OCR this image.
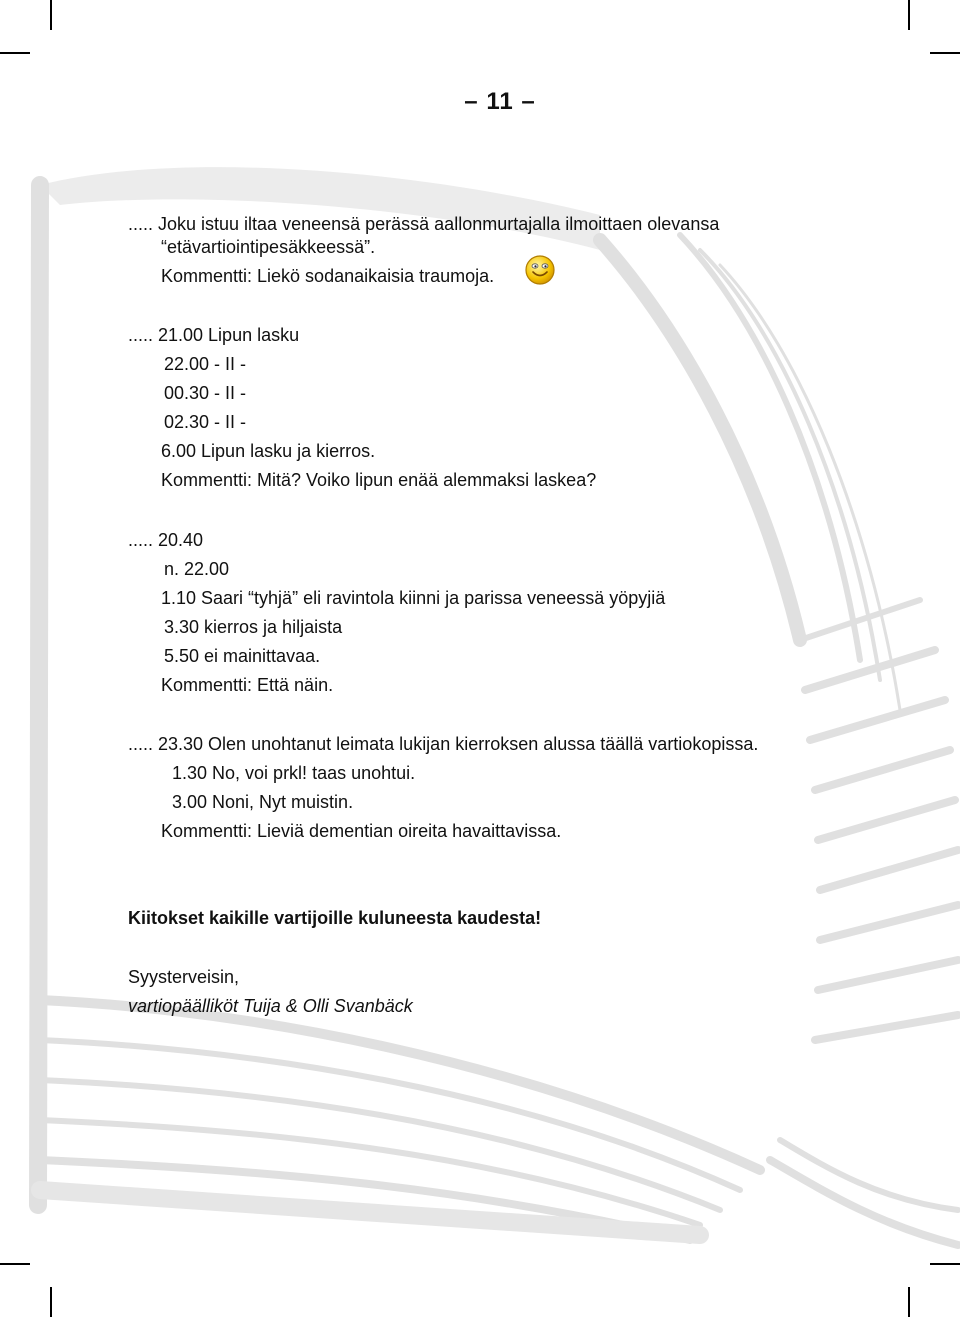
– 11 –
..... Joku istuu iltaa veneensä perässä aallonmurtajalla ilmoittaen olevansa
“etävartiointipesäkkeessä”.
Kommentti: Liekö sodanaikaisia traumoja.
..... 21.00 Lipun lasku
22.00 - II -
00.30 - II -
02.30 - II -
6.00 Lipun lasku ja kierros.
Kommentti: Mitä? Voiko lipun enää alemmaksi laskea?
..... 20.40
n. 22.00
1.10 Saari “tyhjä” eli ravintola kiinni ja parissa veneessä yöpyjiä
3.30 kierros ja hiljaista
5.50 ei mainittavaa.
Kommentti: Että näin.
..... 23.30 Olen unohtanut leimata lukijan kierroksen alussa täällä vartiokopissa.
1.30 No, voi prkl! taas unohtui.
3.00 Noni, Nyt muistin.
Kommentti: Lieviä dementian oireita havaittavissa.
Kiitokset kaikille vartijoille kuluneesta kaudesta!
Syysterveisin,
vartiopäälliköt Tuija & Olli Svanbäck
